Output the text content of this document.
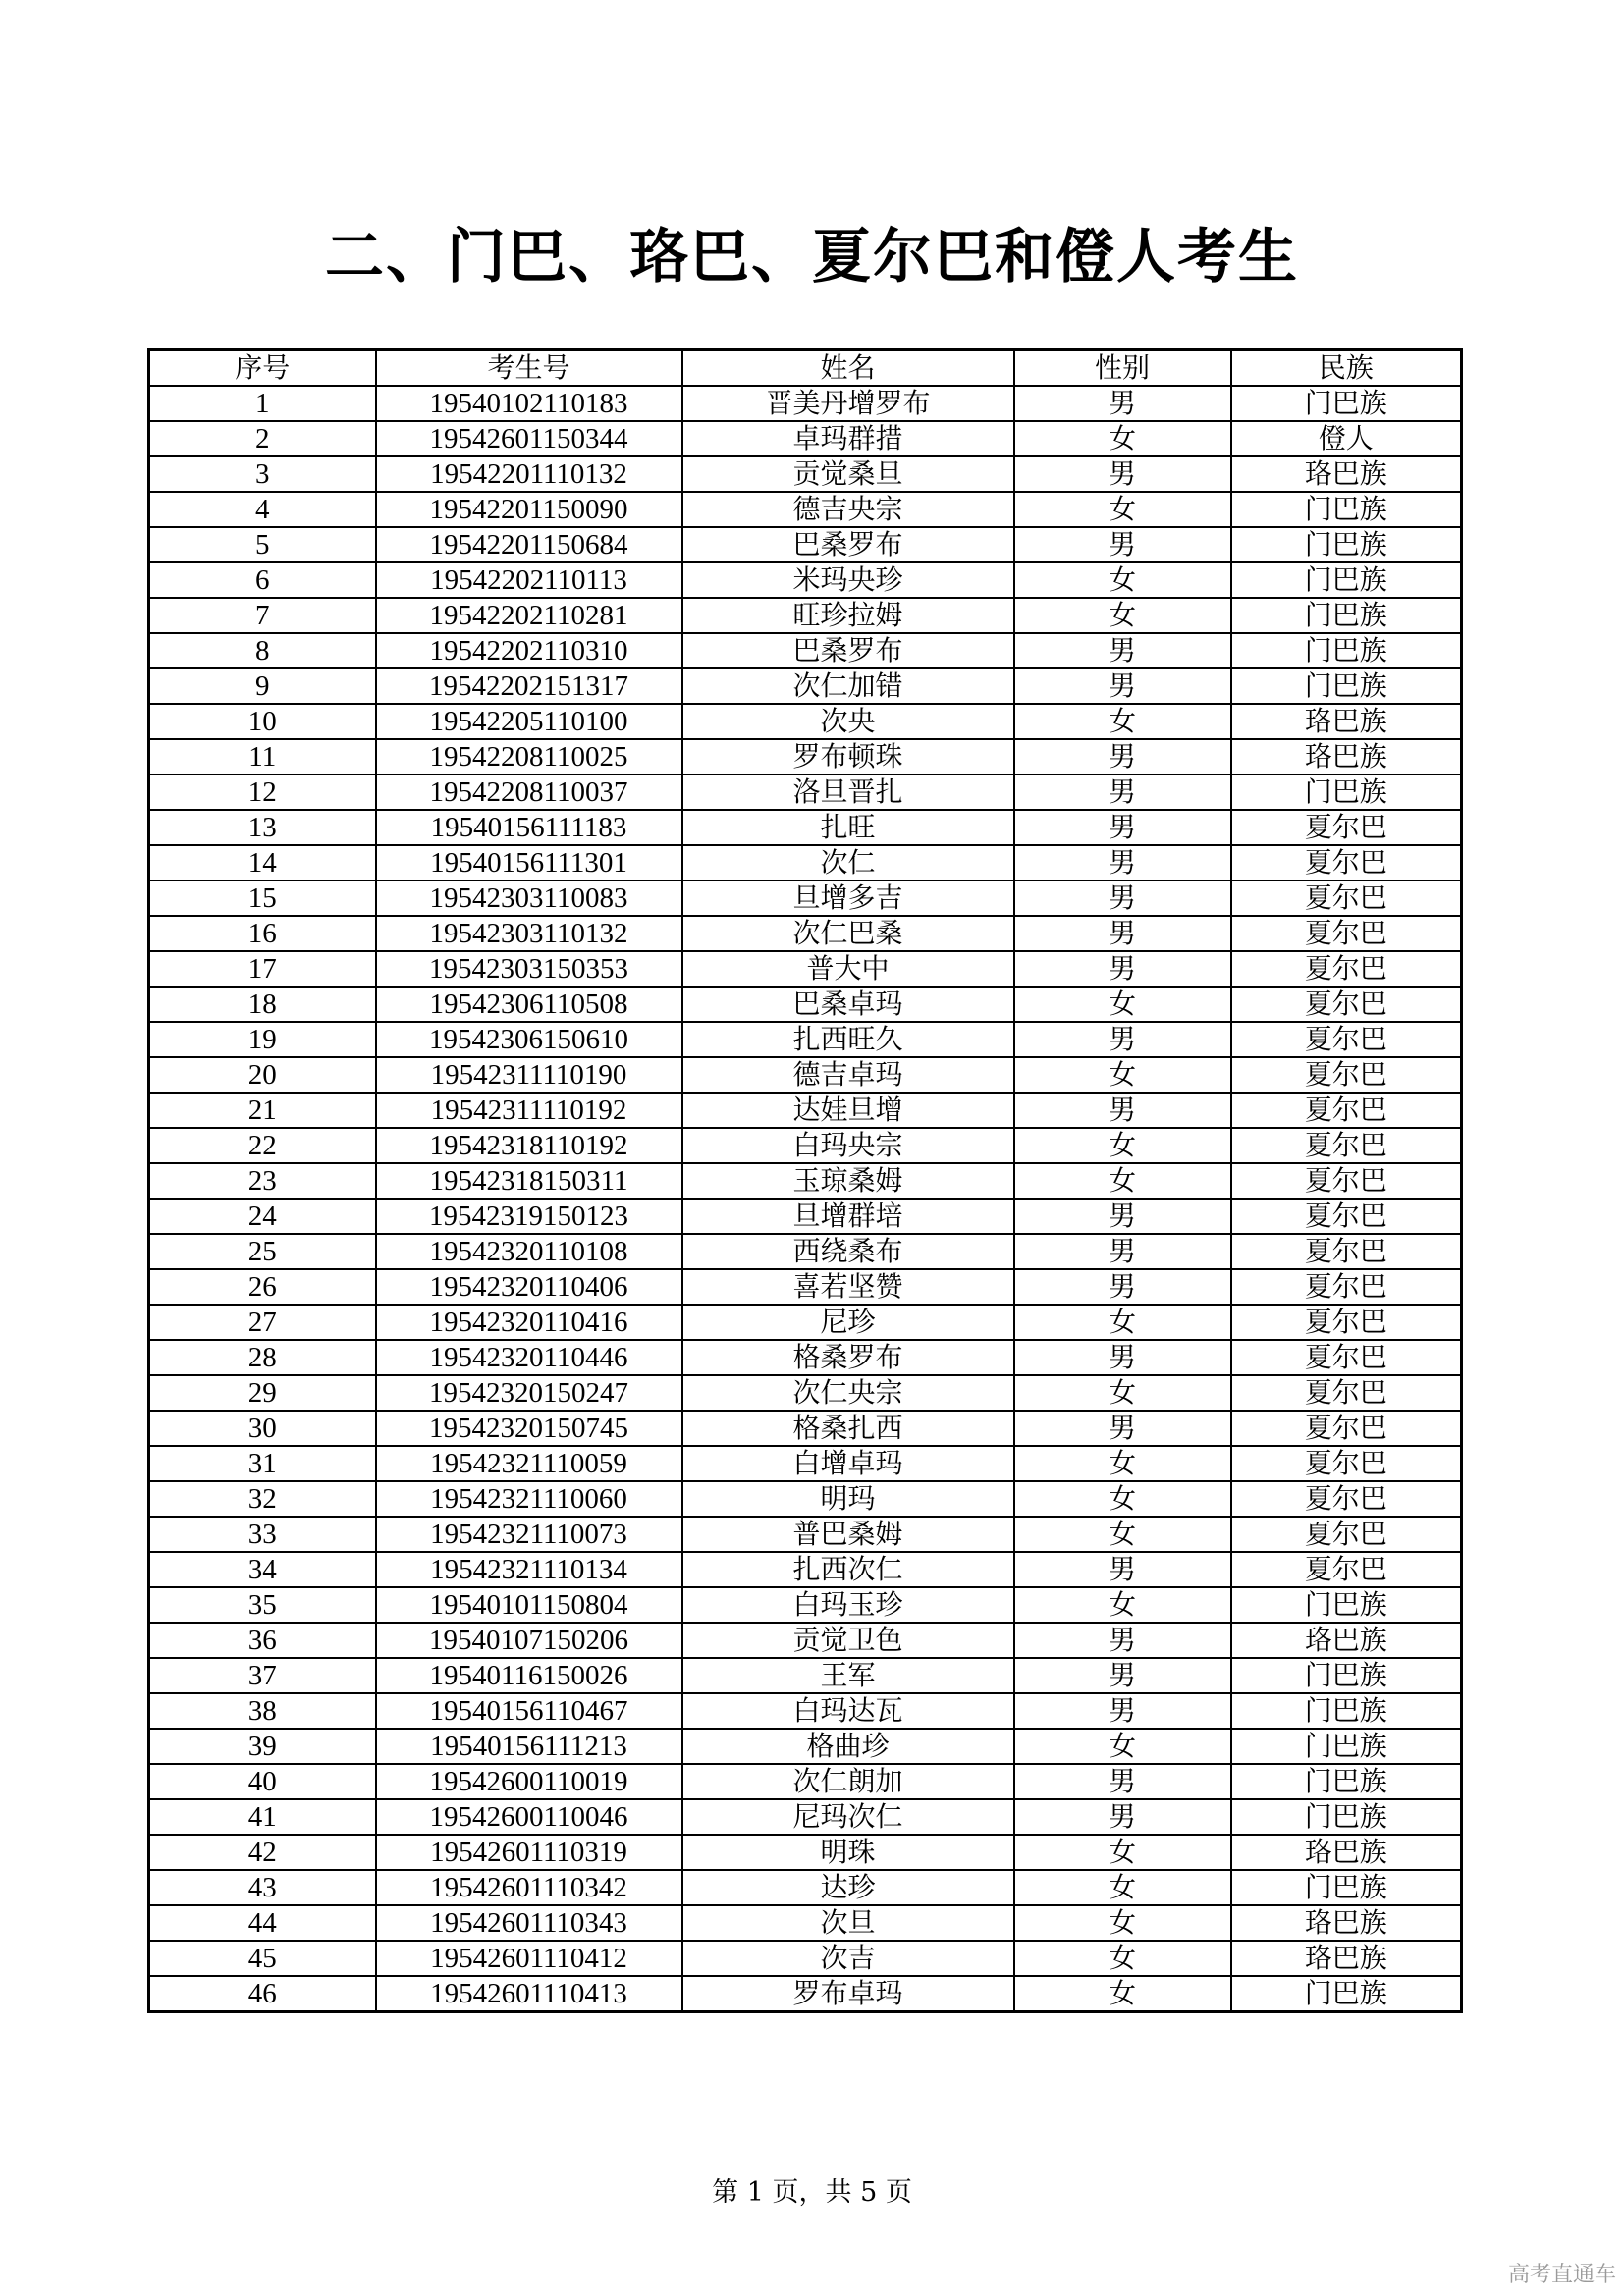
二、门巴、珞巴、夏尔巴和僜人考生
序号	考生号	姓名	性别	民族
1	19540102110183	晋美丹增罗布	男	门巴族
2	19542601150344	卓玛群措	女	僜人
3	19542201110132	贡觉桑旦	男	珞巴族
4	19542201150090	德吉央宗	女	门巴族
5	19542201150684	巴桑罗布	男	门巴族
6	19542202110113	米玛央珍	女	门巴族
7	19542202110281	旺珍拉姆	女	门巴族
8	19542202110310	巴桑罗布	男	门巴族
9	19542202151317	次仁加错	男	门巴族
10	19542205110100	次央	女	珞巴族
11	19542208110025	罗布顿珠	男	珞巴族
12	19542208110037	洛旦晋扎	男	门巴族
13	19540156111183	扎旺	男	夏尔巴
14	19540156111301	次仁	男	夏尔巴
15	19542303110083	旦增多吉	男	夏尔巴
16	19542303110132	次仁巴桑	男	夏尔巴
17	19542303150353	普大中	男	夏尔巴
18	19542306110508	巴桑卓玛	女	夏尔巴
19	19542306150610	扎西旺久	男	夏尔巴
20	19542311110190	德吉卓玛	女	夏尔巴
21	19542311110192	达娃旦增	男	夏尔巴
22	19542318110192	白玛央宗	女	夏尔巴
23	19542318150311	玉琼桑姆	女	夏尔巴
24	19542319150123	旦增群培	男	夏尔巴
25	19542320110108	西绕桑布	男	夏尔巴
26	19542320110406	喜若坚赞	男	夏尔巴
27	19542320110416	尼珍	女	夏尔巴
28	19542320110446	格桑罗布	男	夏尔巴
29	19542320150247	次仁央宗	女	夏尔巴
30	19542320150745	格桑扎西	男	夏尔巴
31	19542321110059	白增卓玛	女	夏尔巴
32	19542321110060	明玛	女	夏尔巴
33	19542321110073	普巴桑姆	女	夏尔巴
34	19542321110134	扎西次仁	男	夏尔巴
35	19540101150804	白玛玉珍	女	门巴族
36	19540107150206	贡觉卫色	男	珞巴族
37	19540116150026	王军	男	门巴族
38	19540156110467	白玛达瓦	男	门巴族
39	19540156111213	格曲珍	女	门巴族
40	19542600110019	次仁朗加	男	门巴族
41	19542600110046	尼玛次仁	男	门巴族
42	19542601110319	明珠	女	珞巴族
43	19542601110342	达珍	女	门巴族
44	19542601110343	次旦	女	珞巴族
45	19542601110412	次吉	女	珞巴族
46	19542601110413	罗布卓玛	女	门巴族
第 1 页，共 5 页
高考直通车
